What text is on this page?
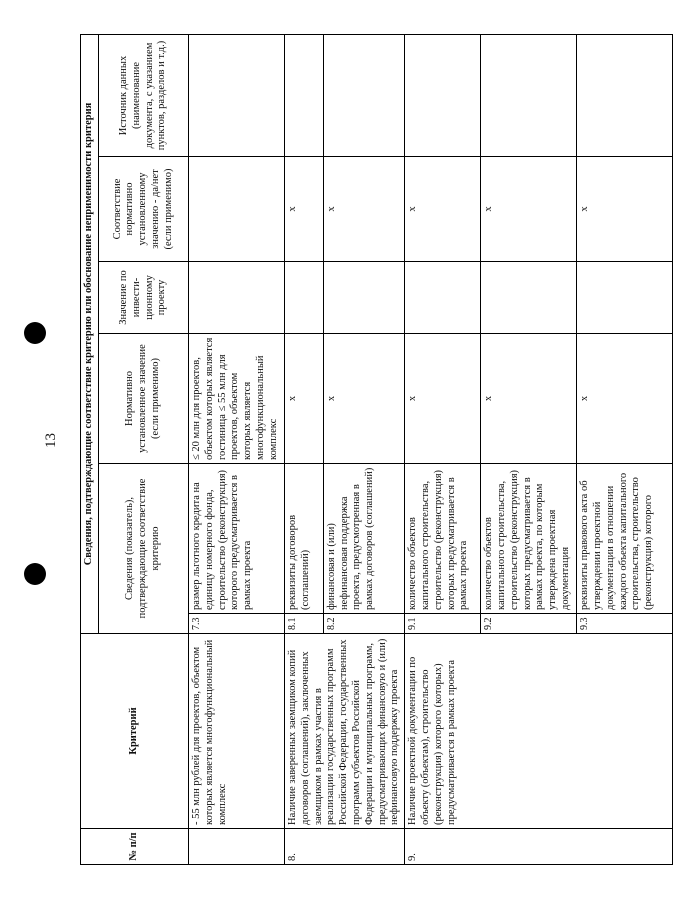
13
№ п/п	Критерий	Сведения, подтверждающие соответствие критерию или обоснование неприменимости критерия					
		Сведения (показатель), подтверждающие соответствие критерию		Нормативно установленное значение (если применимо)	Значение по инвести-ционному проекту	Соответствие нормативно установленному значению - да/нет (если применимо)	Источник данных (наименование документа, с указанием пунктов, разделов и т.д.)
	- 55 млн рублей для проектов, объектом которых является многофункциональный комплекс	7.3	размер льготного кредита на единицу номерного фонда, строительство (реконструкция) которого предусматривается в рамках проекта	≤ 20 млн для проектов, объектом которых является гостиница ≤ 55 млн для проектов, объектом которых является многофункциональный комплекс			
8.	Наличие заверенных заемщиком копий договоров (соглашений), заключенных заемщиком в рамках участия в реализации государственных программ Российской Федерации, государственных программ субъектов Российской Федерации и муниципальных программ, предусматривающих финансовую и (или) нефинансовую поддержку проекта	8.1	реквизиты договоров (соглашений)	x		x	
		8.2	финансовая и (или) нефинансовая поддержка проекта, предусмотренная в рамках договоров (соглашений)	x		x	
9.	Наличие проектной документации по объекту (объектам), строительство (реконструкция) которого (которых) предусматривается в рамках проекта	9.1	количество объектов капитального строительства, строительство (реконструкция) которых предусматривается в рамках проекта	x		x	
		9.2	количество объектов капитального строительства, строительство (реконструкция) которых предусматривается в рамках проекта, по которым утверждена проектная документация	x		x	
		9.3	реквизиты правового акта об утверждении проектной документации в отношении каждого объекта капитального строительства, строительство (реконструкция) которого	x		x	
